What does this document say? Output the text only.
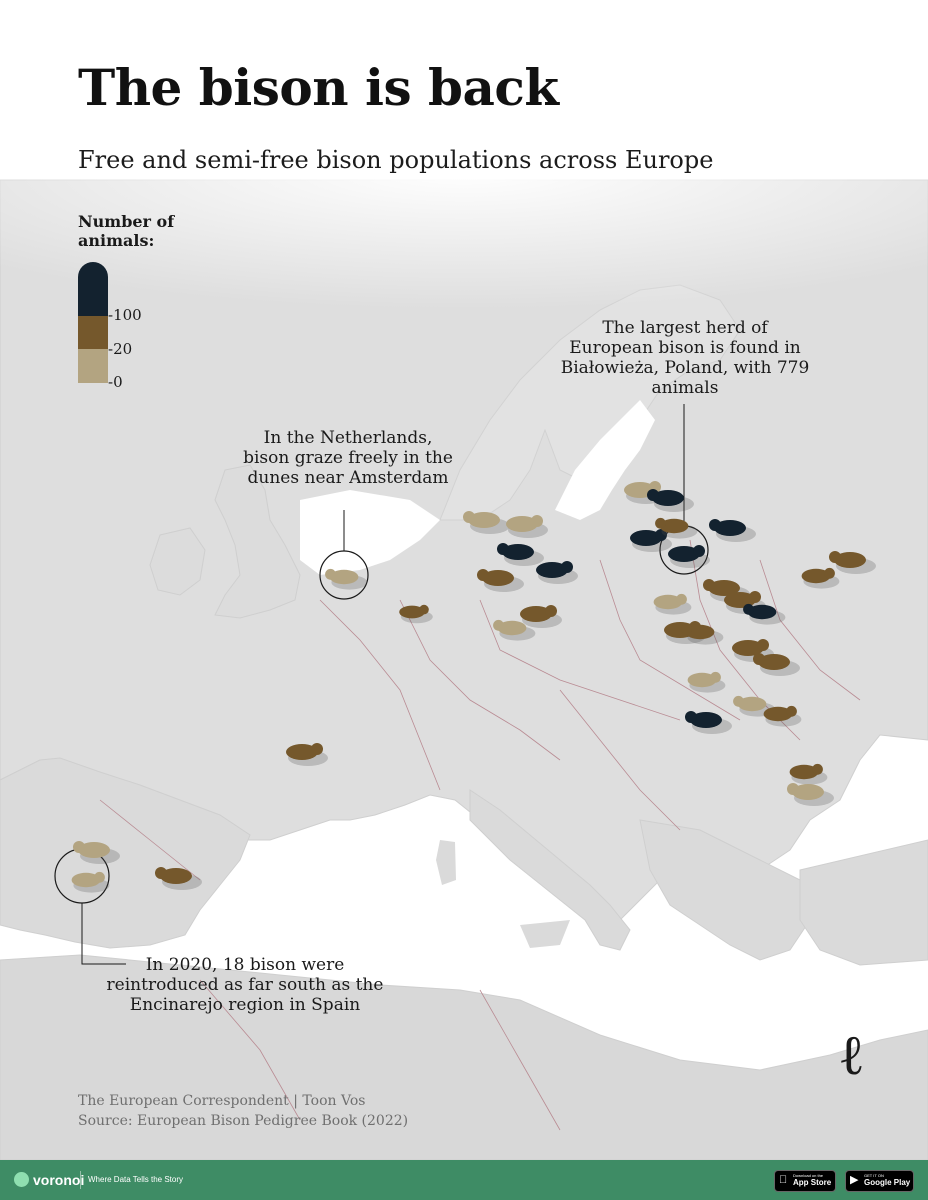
The bison is back

Free and semi-free bison populations across Europe

Number of animals:
-100
-20
-0
The largest herd of European bison is found in Białowieża, Poland, with 779 animals
In the Netherlands, bison graze freely in the dunes near Amsterdam
In 2020, 18 bison were reintroduced as far south as the Encinarejo region in Spain
The European Correspondent | Toon Vos
Source: European Bison Pedigree Book (2022)
ℓ
voronoi Where Data Tells the Story	Download on the
App Store ▶ GET IT ON
Google Play
